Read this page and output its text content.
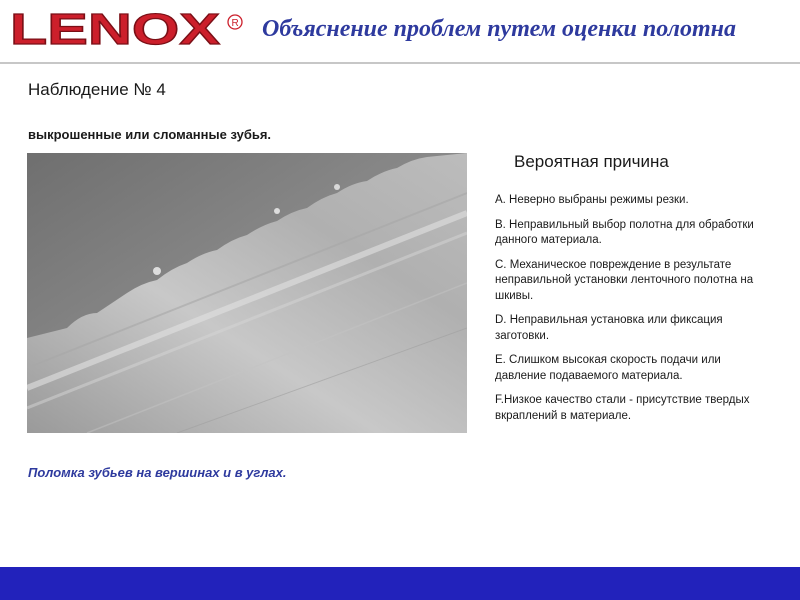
LENOX R Объяснение проблем путем оценки полотна
Наблюдение № 4
выкрошенные или сломанные зубья.
Поломка зубьев на вершинах и в углах.
Вероятная причина
A. Неверно выбраны режимы резки.
B. Неправильный выбор полотна для обработки данного материала.
C. Механическое повреждение в результате неправильной установки ленточного полотна на шкивы.
D. Неправильная установка или фиксация заготовки.
E. Слишком высокая скорость подачи или давление подаваемого материала.
F.Низкое качество стали - присутствие твердых вкраплений в материале.
